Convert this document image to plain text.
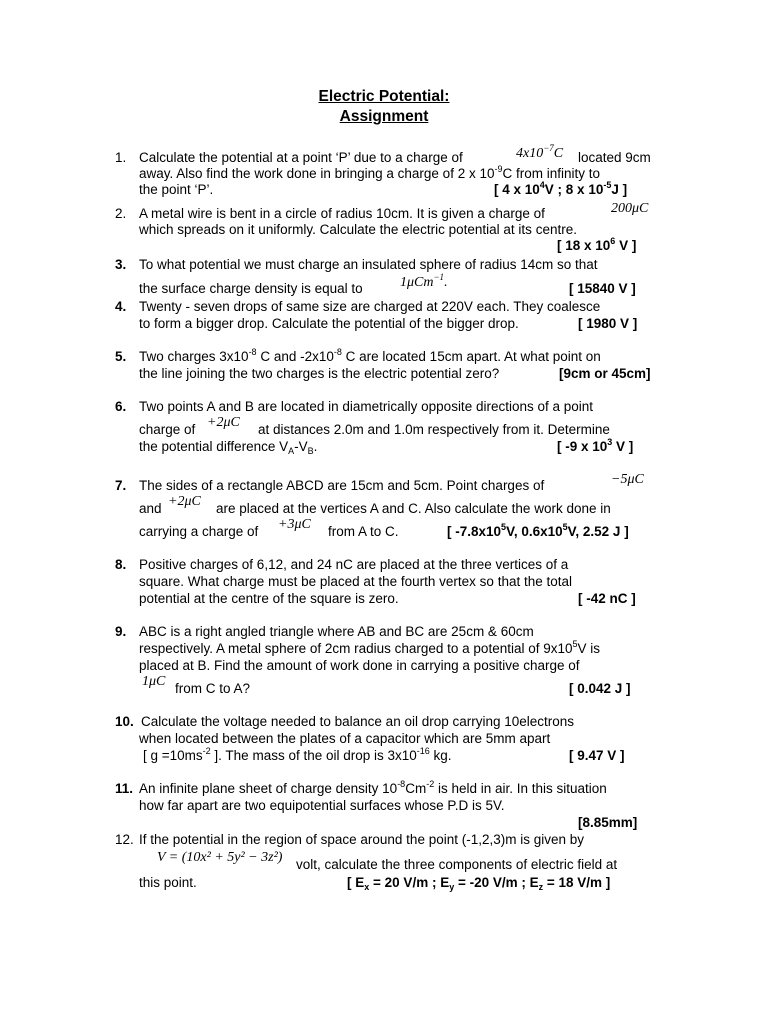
Electric Potential:
Assignment
1. Calculate the potential at a point ‘P’ due to a charge of	$4x10^{-7}C$ located 9cm
away. Also find the work done in bringing a charge of 2 x $10^{-9}C$ from infinity to
the point ‘P’.	[ 4 x $10^4V$ ; 8 x $10^{-5}J$ ]
2. A metal wire is bent in a circle of radius 10cm. It is given a charge of	200μC
which spreads on it uniformly. Calculate the electric potential at its centre.
[ 18 x $10^6$ V ]
3. To what potential we must charge an insulated sphere of radius 14cm so that
the surface charge density is equal to	1μCm$^{-1}$.	[ 15840 V ]
4. Twenty - seven drops of same size are charged at 220V each. They coalesce
to form a bigger drop. Calculate the potential of the bigger drop.	[ 1980 V ]
5. Two charges $3x10^{-8}$ C and $-2x10^{-8}$ C are located 15cm apart. At what point on
the line joining the two charges is the electric potential zero?	[9cm or 45cm]
6. Two points A and B are located in diametrically opposite directions of a point
charge of +2μC at distances 2.0m and 1.0m respectively from it. Determine
the potential difference $V_A-V_B$.	[ -9 x $10^3$ V ]
7. The sides of a rectangle ABCD are 15cm and 5cm. Point charges of	−5μC
and +2μC are placed at the vertices A and C. Also calculate the work done in
carrying a charge of +3μC from A to C.	[ $-7.8x10^5V$, $0.6x10^5V$, 2.52 J ]
8. Positive charges of 6,12, and 24 nC are placed at the three vertices of a
square. What charge must be placed at the fourth vertex so that the total
potential at the centre of the square is zero.	[ -42 nC ]
9. ABC is a right angled triangle where AB and BC are 25cm & 60cm
respectively. A metal sphere of 2cm radius charged to a potential of $9x10^5V$ is
placed at B. Find the amount of work done in carrying a positive charge of
1μC from C to A?	[ 0.042 J ]
10. Calculate the voltage needed to balance an oil drop carrying 10electrons
when located between the plates of a capacitor which are 5mm apart
[ $g =10ms^{-2}$ ]. The mass of the oil drop is $3x10^{-16}$ kg.	[ 9.47 V ]
11. An infinite plane sheet of charge density $10^{-8}Cm^{-2}$ is held in air. In this situation
how far apart are two equipotential surfaces whose P.D is 5V.
[8.85mm]
12. If the potential in the region of space around the point (-1,2,3)m is given by
V = (10x² + 5y² − 3z²) volt, calculate the three components of electric field at
this point.	[ $E_x = 20$ V/m ; $E_y = -20$ V/m ; $E_z = 18$ V/m ]
